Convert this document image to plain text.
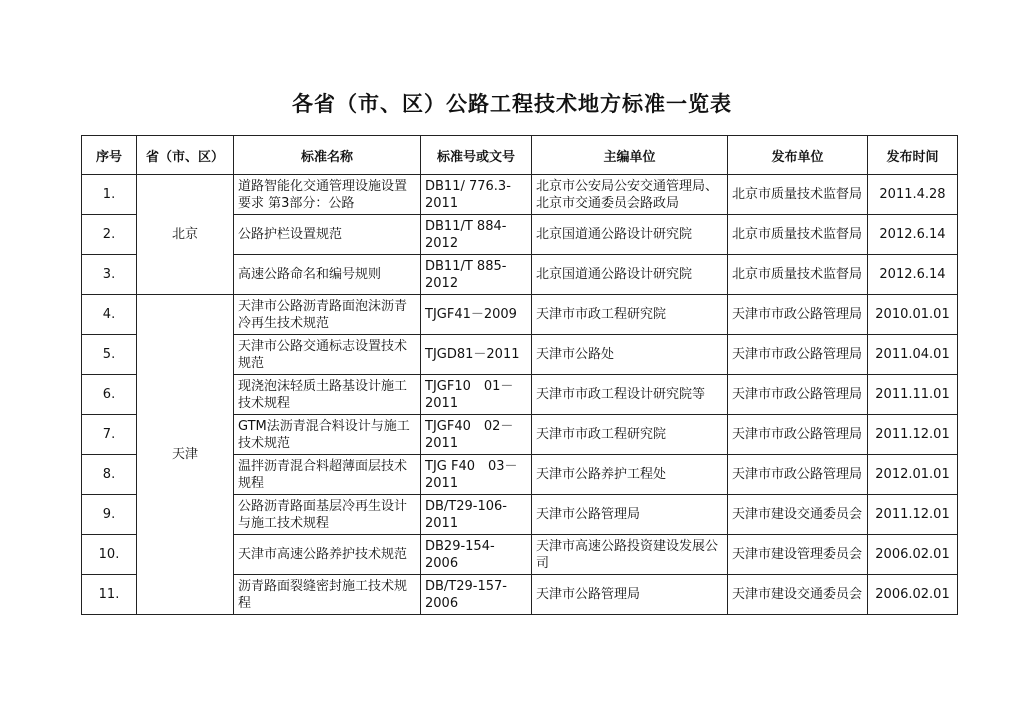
各省（市、区）公路工程技术地方标准一览表
序号	省（市、区）	标准名称	标准号或文号	主编单位	发布单位	发布时间
1.	北京	道路智能化交通管理设施设置要求 第3部分：公路	DB11/ 776.3-2011	北京市公安局公安交通管理局、北京市交通委员会路政局	北京市质量技术监督局	2011.4.28
2.		公路护栏设置规范	DB11/T 884-2012	北京国道通公路设计研究院	北京市质量技术监督局	2012.6.14
3.		高速公路命名和编号规则	DB11/T 885-2012	北京国道通公路设计研究院	北京市质量技术监督局	2012.6.14
4.	天津	天津市公路沥青路面泡沫沥青冷再生技术规范	TJGF41－2009	天津市市政工程研究院	天津市市政公路管理局	2010.01.01
5.		天津市公路交通标志设置技术规范	TJGD81－2011	天津市公路处	天津市市政公路管理局	2011.04.01
6.		现浇泡沫轻质土路基设计施工技术规程	TJGF10　01－2011	天津市市政工程设计研究院等	天津市市政公路管理局	2011.11.01
7.		GTM法沥青混合料设计与施工技术规范	TJGF40　02－2011	天津市市政工程研究院	天津市市政公路管理局	2011.12.01
8.		温拌沥青混合料超薄面层技术规程	TJG F40　03－2011	天津市公路养护工程处	天津市市政公路管理局	2012.01.01
9.		公路沥青路面基层冷再生设计与施工技术规程	DB/T29-106-2011	天津市公路管理局	天津市建设交通委员会	2011.12.01
10.		天津市高速公路养护技术规范	DB29-154-2006	天津市高速公路投资建设发展公司	天津市建设管理委员会	2006.02.01
11.		沥青路面裂缝密封施工技术规程	DB/T29-157-2006	天津市公路管理局	天津市建设交通委员会	2006.02.01
